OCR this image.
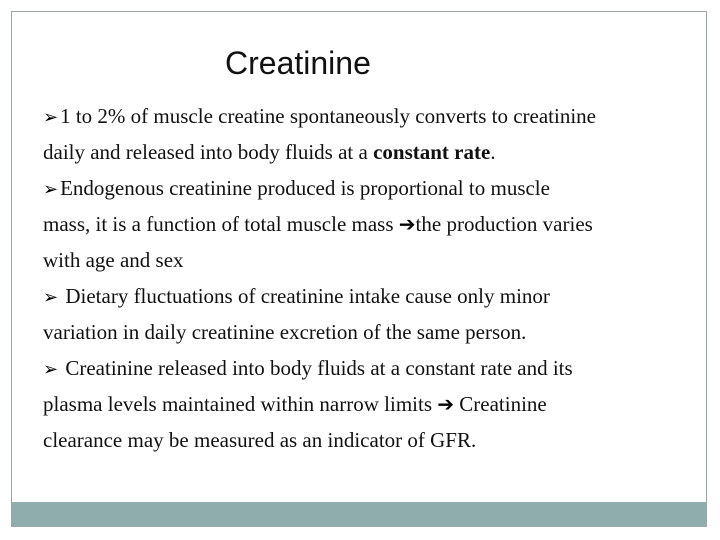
Creatinine
➢1 to 2% of muscle creatine spontaneously converts to creatinine
daily and released into body fluids at a constant rate.
➢Endogenous creatinine produced is proportional to muscle
mass, it is a function of total muscle mass ➔the production varies
with age and sex
➢ Dietary fluctuations of creatinine intake cause only minor
variation in daily creatinine excretion of the same person.
➢ Creatinine released into body fluids at a constant rate and its
plasma levels maintained within narrow limits ➔ Creatinine
clearance may be measured as an indicator of GFR.
